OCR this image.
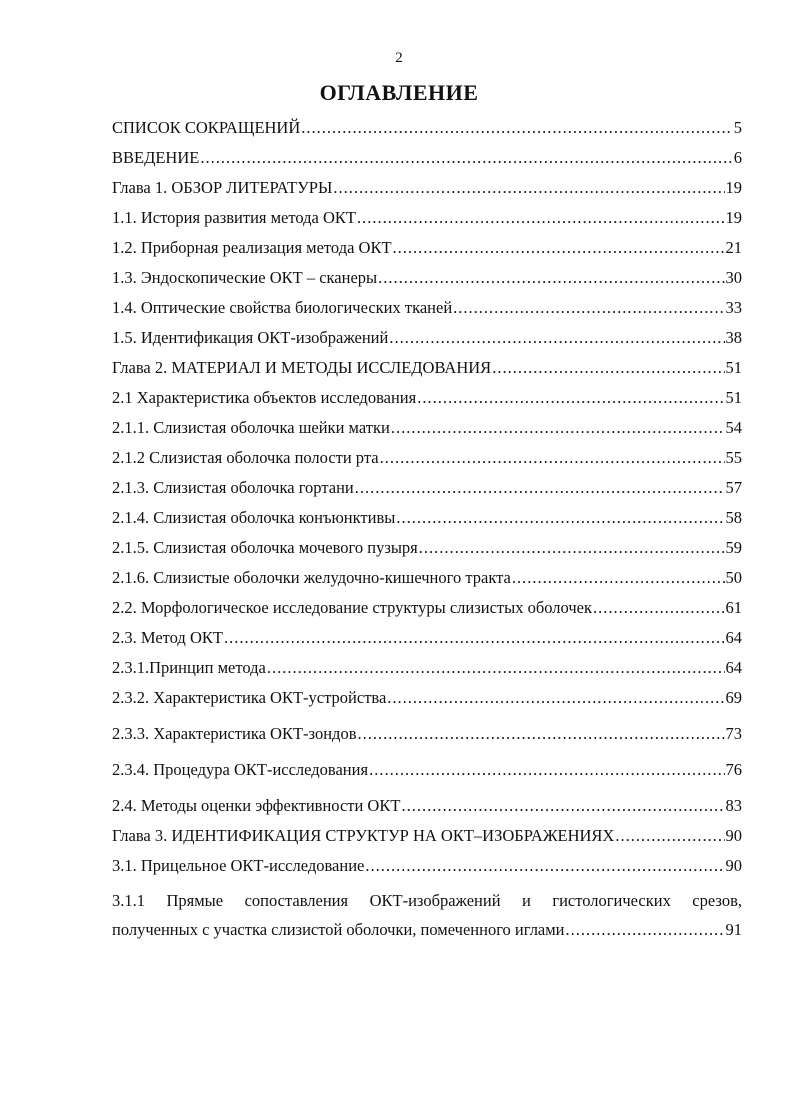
2
ОГЛАВЛЕНИЕ
СПИСОК СОКРАЩЕНИЙ .....	5
ВВЕДЕНИЕ .....	6
Глава 1. ОБЗОР ЛИТЕРАТУРЫ .....	19
1.1. История развития метода ОКТ .....	19
1.2. Приборная реализация метода ОКТ .....	21
1.3. Эндоскопические ОКТ – сканеры .....	30
1.4. Оптические свойства биологических тканей .....	33
1.5. Идентификация ОКТ-изображений .....	38
Глава 2. МАТЕРИАЛ И МЕТОДЫ ИССЛЕДОВАНИЯ .....	51
2.1 Характеристика объектов исследования .....	51
2.1.1. Слизистая оболочка шейки матки .....	54
2.1.2 Слизистая оболочка полости рта .....	55
2.1.3. Слизистая оболочка гортани .....	57
2.1.4. Слизистая оболочка конъюнктивы .....	58
2.1.5. Слизистая оболочка мочевого пузыря .....	59
2.1.6. Слизистые оболочки желудочно-кишечного тракта .....	50
2.2. Морфологическое исследование структуры слизистых оболочек .....	61
2.3. Метод ОКТ .....	64
2.3.1.Принцип метода .....	64
2.3.2. Характеристика ОКТ-устройства .....	69
2.3.3. Характеристика ОКТ-зондов .....	73
2.3.4. Процедура ОКТ-исследования .....	76
2.4. Методы оценки эффективности ОКТ .....	83
Глава 3. ИДЕНТИФИКАЦИЯ СТРУКТУР НА ОКТ–ИЗОБРАЖЕНИЯХ .....	90
3.1. Прицельное ОКТ-исследование .....	90
3.1.1 Прямые сопоставления ОКТ-изображений и гистологических срезов,
полученных с участка слизистой оболочки, помеченного иглами .....	91
